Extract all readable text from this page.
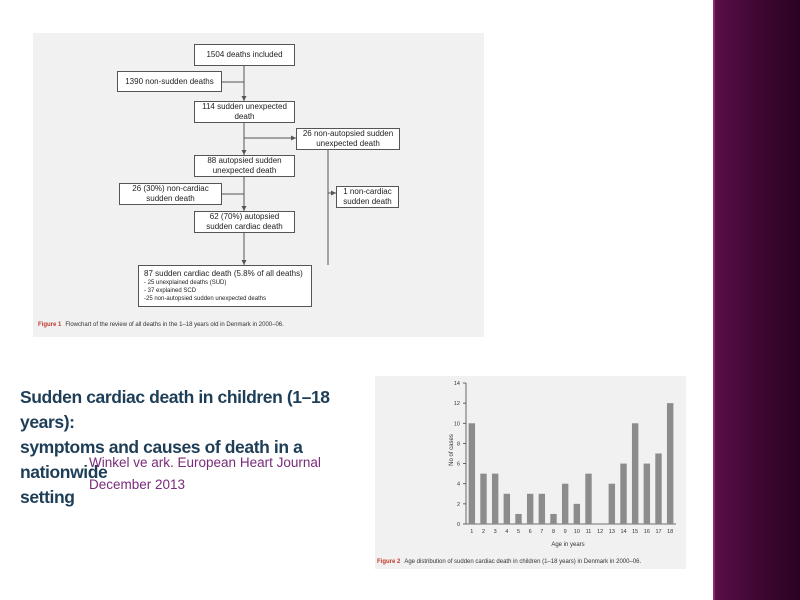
1504 deaths included
1390 non-sudden deaths
114 sudden unexpected death
26 non-autopsied sudden unexpected death
88 autopsied sudden unexpected death
26 (30%) non-cardiac sudden death
1 non-cardiac sudden death
62 (70%) autopsied sudden cardiac death
87 sudden cardiac death (5.8% of all deaths)
- 25 unexplained deaths (SUD)
- 37 explained SCD
-25 non-autopsied sudden unexpected deaths
Figure 1 Flowchart of the review of all deaths in the 1–18 years old in Denmark in 2000–06.
Sudden cardiac death in children (1–18 years):
symptoms and causes of death in a nationwide
setting
Winkel ve ark. European Heart Journal
December 2013
No of cases
Age in years
0
2
4
6
8
10
12
14
1 2 3 4 5 6 7 8 9 10 11 12 13 14 15 16 17 18
Figure 2 Age distribution of sudden cardiac death in children (1–18 years) in Denmark in 2000–06.
